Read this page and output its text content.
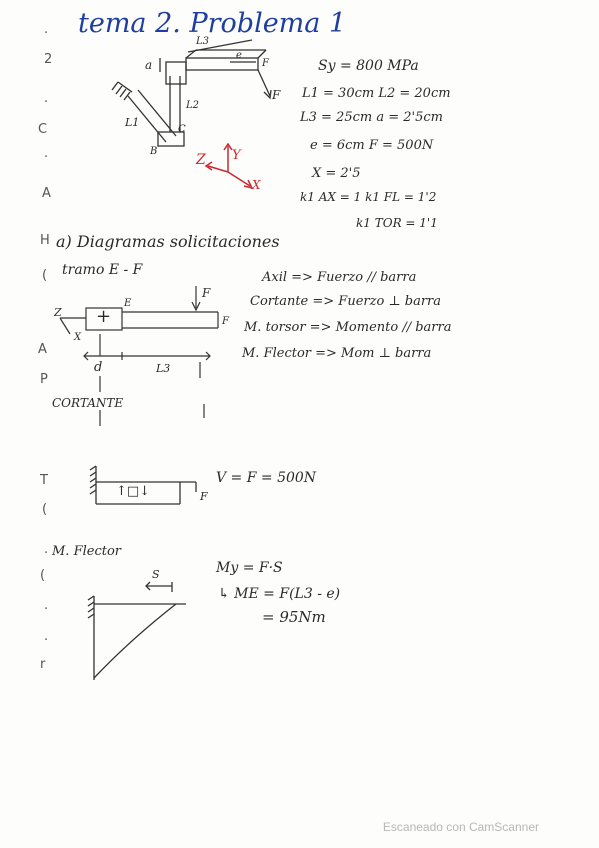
·
2
·
C
·
A
H
(
A
P
T
(
·
(
·
·
r
tema 2. Problema 1
a
L3
e
F
F
L2
L1
C
B
Z Y
X
Sy = 800 MPa
L1 = 30cm L2 = 20cm
L3 = 25cm a = 2'5cm
e = 6cm F = 500N
X = 2'5
k1 AX = 1 k1 FL = 1'2
k1 TOR = 1'1
a) Diagramas solicitaciones
tramo E - F	Axil => Fuerzo // barra
Cortante => Fuerzo ⊥ barra
M. torsor => Momento // barra
M. Flector => Mom ⊥ barra
Z
X
+
E
F
F
d	L3
CORTANTE
↑□↓	F
V = F = 500N
M. Flector
S	My = F·S
↳ ME = F(L3 - e)
= 95Nm
Escaneado con CamScanner
